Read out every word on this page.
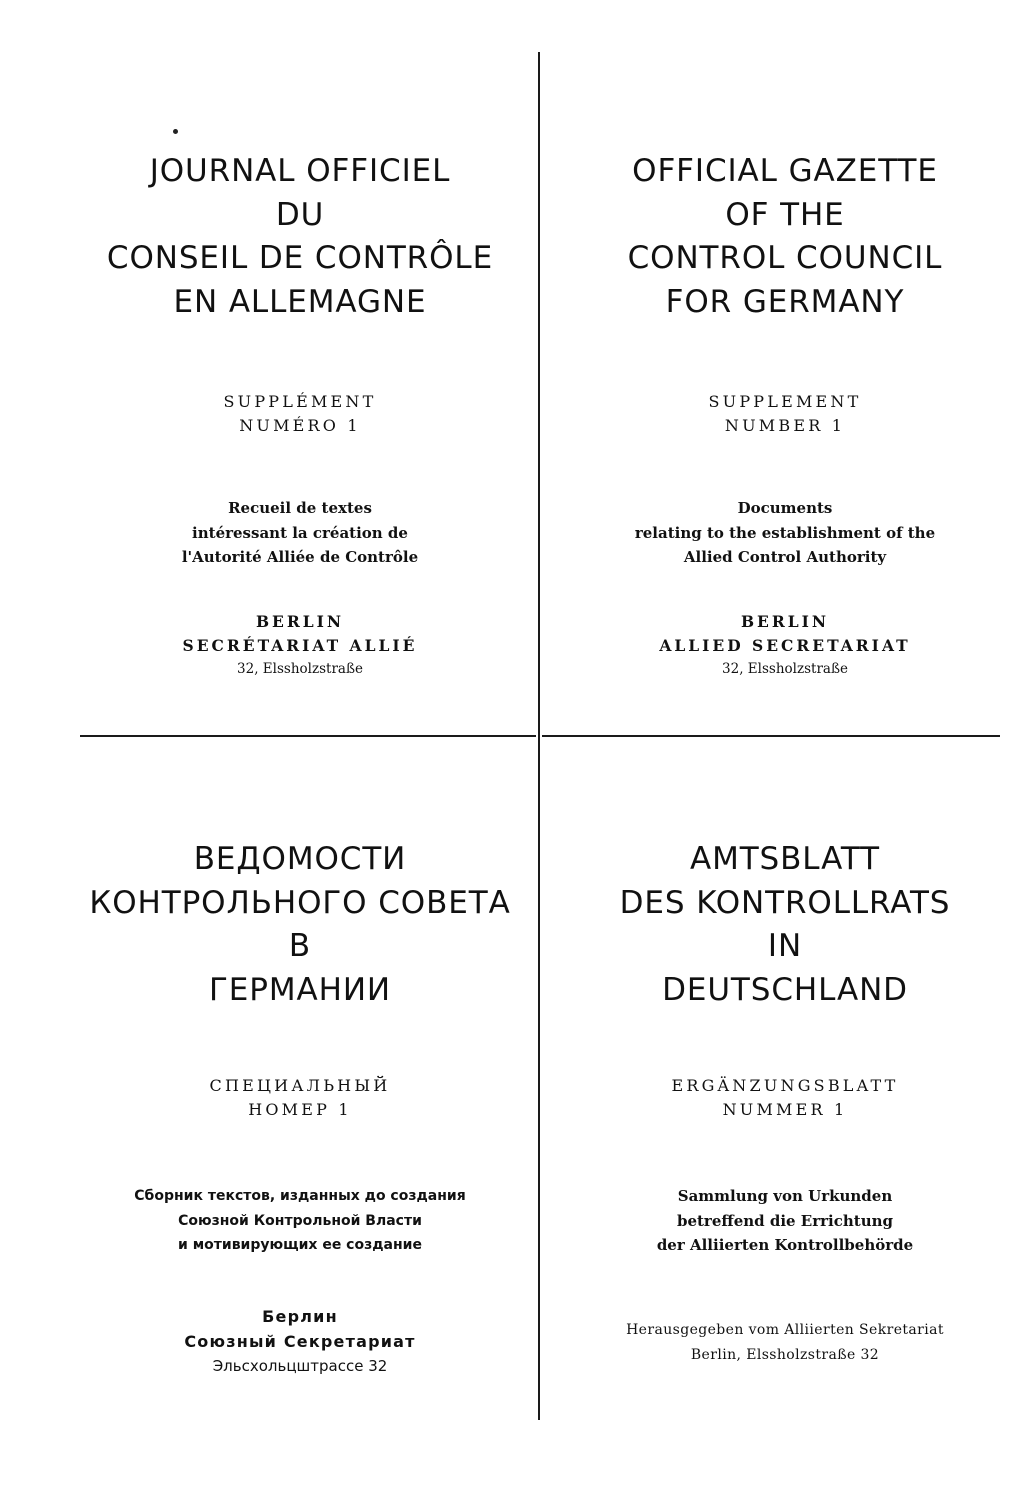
JOURNAL OFFICIEL
DU
CONSEIL DE CONTRÔLE
EN ALLEMAGNE
SUPPLÉMENT
NUMÉRO 1
Recueil de textes
intéressant la création de
l'Autorité Alliée de Contrôle
BERLIN
SECRÉTARIAT ALLIÉ
32, Elssholzstraße
OFFICIAL GAZETTE
OF THE
CONTROL COUNCIL
FOR GERMANY
SUPPLEMENT
NUMBER 1
Documents
relating to the establishment of the
Allied Control Authority
BERLIN
ALLIED SECRETARIAT
32, Elssholzstraße
ВЕДОМОСТИ
КОНТРОЛЬНОГО СОВЕТА
В
ГЕРМАНИИ
СПЕЦИАЛЬНЫЙ
НОМЕР 1
Сборник текстов, изданных до создания
Союзной Контрольной Власти
и мотивирующих ее создание
Берлин
Союзный Секретариат
Эльсхольцштрассе 32
AMTSBLATT
DES KONTROLLRATS
IN
DEUTSCHLAND
ERGÄNZUNGSBLATT
NUMMER 1
Sammlung von Urkunden
betreffend die Errichtung
der Alliierten Kontrollbehörde
Herausgegeben vom Alliierten Sekretariat
Berlin, Elssholzstraße 32
